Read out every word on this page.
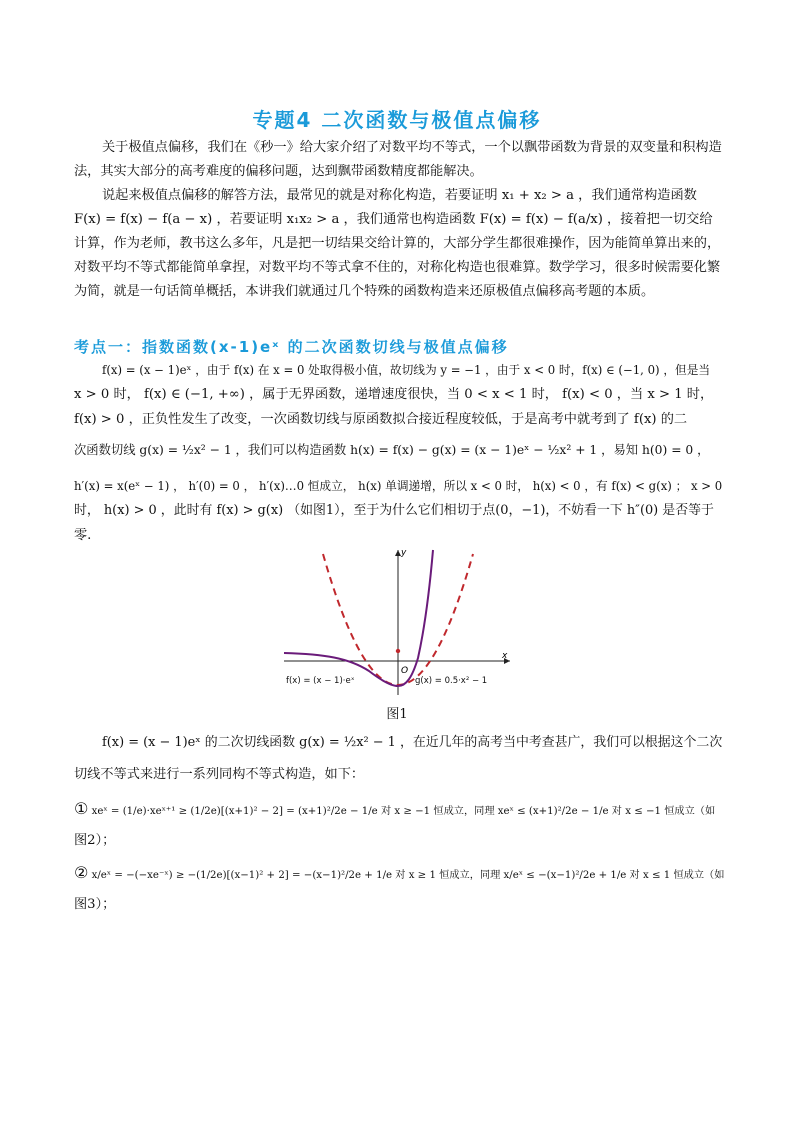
专题4 二次函数与极值点偏移
关于极值点偏移，我们在《秒一》给大家介绍了对数平均不等式，一个以飘带函数为背景的双变量和积构造法，其实大部分的高考难度的偏移问题，达到飘带函数精度都能解决。
说起来极值点偏移的解答方法，最常见的就是对称化构造，若要证明 x₁ + x₂ > a ，我们通常构造函数 F(x) = f(x) − f(a − x) ，若要证明 x₁x₂ > a ，我们通常也构造函数 F(x) = f(x) − f(a/x) ，接着把一切交给计算，作为老师，教书这么多年，凡是把一切结果交给计算的，大部分学生都很难操作，因为能简单算出来的，对数平均不等式都能简单拿捏，对数平均不等式拿不住的，对称化构造也很难算。数学学习，很多时候需要化繁为简，就是一句话简单概括，本讲我们就通过几个特殊的函数构造来还原极值点偏移高考题的本质。
考点一：指数函数(x-1)eˣ 的二次函数切线与极值点偏移
f(x) = (x − 1)eˣ ，由于 f(x) 在 x = 0 处取得极小值，故切线为 y = −1 ，由于 x < 0 时，f(x) ∈ (−1, 0) ，但是当
x > 0 时， f(x) ∈ (−1, +∞) ，属于无界函数，递增速度很快，当 0 < x < 1 时， f(x) < 0 ，当 x > 1 时，
f(x) > 0 ，正负性发生了改变，一次函数切线与原函数拟合接近程度较低，于是高考中就考到了 f(x) 的二
次函数切线 g(x) = ½x² − 1 ，我们可以构造函数 h(x) = f(x) − g(x) = (x − 1)eˣ − ½x² + 1 ，易知 h(0) = 0 ，
h′(x) = x(eˣ − 1) ， h′(0) = 0 ， h′(x)…0 恒成立， h(x) 单调递增，所以 x < 0 时， h(x) < 0 ，有 f(x) < g(x) ； x > 0
时， h(x) > 0 ，此时有 f(x) > g(x) （如图1），至于为什么它们相切于点(0，−1)，不妨看一下 h″(0) 是否等于
零.
x
y
O
f(x) = (x − 1)·eˣ	g(x) = 0.5·x² − 1
图1
f(x) = (x − 1)eˣ 的二次切线函数 g(x) = ½x² − 1 ，在近几年的高考当中考查甚广，我们可以根据这个二次
切线不等式来进行一系列同构不等式构造，如下：
① xeˣ = (1/e)·xeˣ⁺¹ ≥ (1/2e)[(x+1)² − 2] = (x+1)²/2e − 1/e 对 x ≥ −1 恒成立，同理 xeˣ ≤ (x+1)²/2e − 1/e 对 x ≤ −1 恒成立（如
图2）；
② x/eˣ = −(−xe⁻ˣ) ≥ −(1/2e)[(x−1)² + 2] = −(x−1)²/2e + 1/e 对 x ≥ 1 恒成立，同理 x/eˣ ≤ −(x−1)²/2e + 1/e 对 x ≤ 1 恒成立（如
图3）；
